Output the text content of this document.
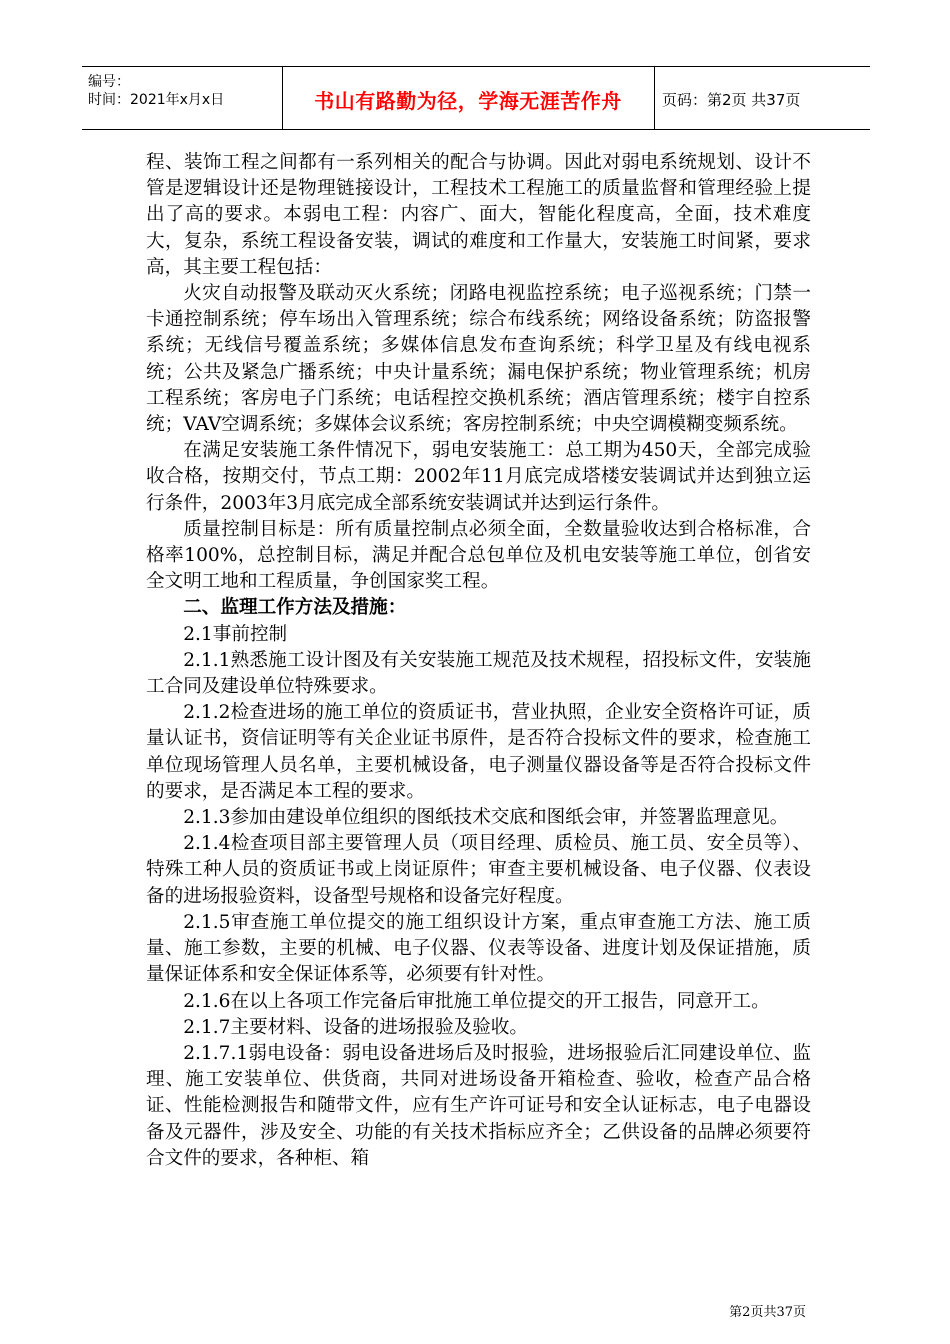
编号：
时间：2021年x月x日	书山有路勤为径，学海无涯苦作舟	页码：第2页 共37页

程、装饰工程之间都有一系列相关的配合与协调。因此对弱电系统规划、设计不管是逻辑设计还是物理链接设计，工程技术工程施工的质量监督和管理经验上提出了高的要求。本弱电工程：内容广、面大，智能化程度高，全面，技术难度大，复杂，系统工程设备安装，调试的难度和工作量大，安装施工时间紧，要求高，其主要工程包括：

火灾自动报警及联动灭火系统；闭路电视监控系统；电子巡视系统；门禁一卡通控制系统；停车场出入管理系统；综合布线系统；网络设备系统；防盗报警系统；无线信号覆盖系统；多媒体信息发布查询系统；科学卫星及有线电视系统；公共及紧急广播系统；中央计量系统；漏电保护系统；物业管理系统；机房工程系统；客房电子门系统；电话程控交换机系统；酒店管理系统；楼宇自控系统；VAV空调系统；多媒体会议系统；客房控制系统；中央空调模糊变频系统。

在满足安装施工条件情况下，弱电安装施工：总工期为450天，全部完成验收合格，按期交付，节点工期：2002年11月底完成塔楼安装调试并达到独立运行条件，2003年3月底完成全部系统安装调试并达到运行条件。

质量控制目标是：所有质量控制点必须全面，全数量验收达到合格标准，合格率100%，总控制目标，满足并配合总包单位及机电安装等施工单位，创省安全文明工地和工程质量，争创国家奖工程。

二、监理工作方法及措施：

2.1事前控制

2.1.1熟悉施工设计图及有关安装施工规范及技术规程，招投标文件，安装施工合同及建设单位特殊要求。

2.1.2检查进场的施工单位的资质证书，营业执照，企业安全资格许可证，质量认证书，资信证明等有关企业证书原件，是否符合投标文件的要求，检查施工单位现场管理人员名单，主要机械设备，电子测量仪器设备等是否符合投标文件的要求，是否满足本工程的要求。

2.1.3参加由建设单位组织的图纸技术交底和图纸会审，并签署监理意见。

2.1.4检查项目部主要管理人员（项目经理、质检员、施工员、安全员等）、特殊工种人员的资质证书或上岗证原件；审查主要机械设备、电子仪器、仪表设备的进场报验资料，设备型号规格和设备完好程度。

2.1.5审查施工单位提交的施工组织设计方案，重点审查施工方法、施工质量、施工参数，主要的机械、电子仪器、仪表等设备、进度计划及保证措施，质量保证体系和安全保证体系等，必须要有针对性。

2.1.6在以上各项工作完备后审批施工单位提交的开工报告，同意开工。

2.1.7主要材料、设备的进场报验及验收。

2.1.7.1弱电设备：弱电设备进场后及时报验，进场报验后汇同建设单位、监理、施工安装单位、供货商，共同对进场设备开箱检查、验收，检查产品合格证、性能检测报告和随带文件，应有生产许可证号和安全认证标志，电子电器设备及元器件，涉及安全、功能的有关技术指标应齐全；乙供设备的品牌必须要符合文件的要求，各种柜、箱

第2页共37页
